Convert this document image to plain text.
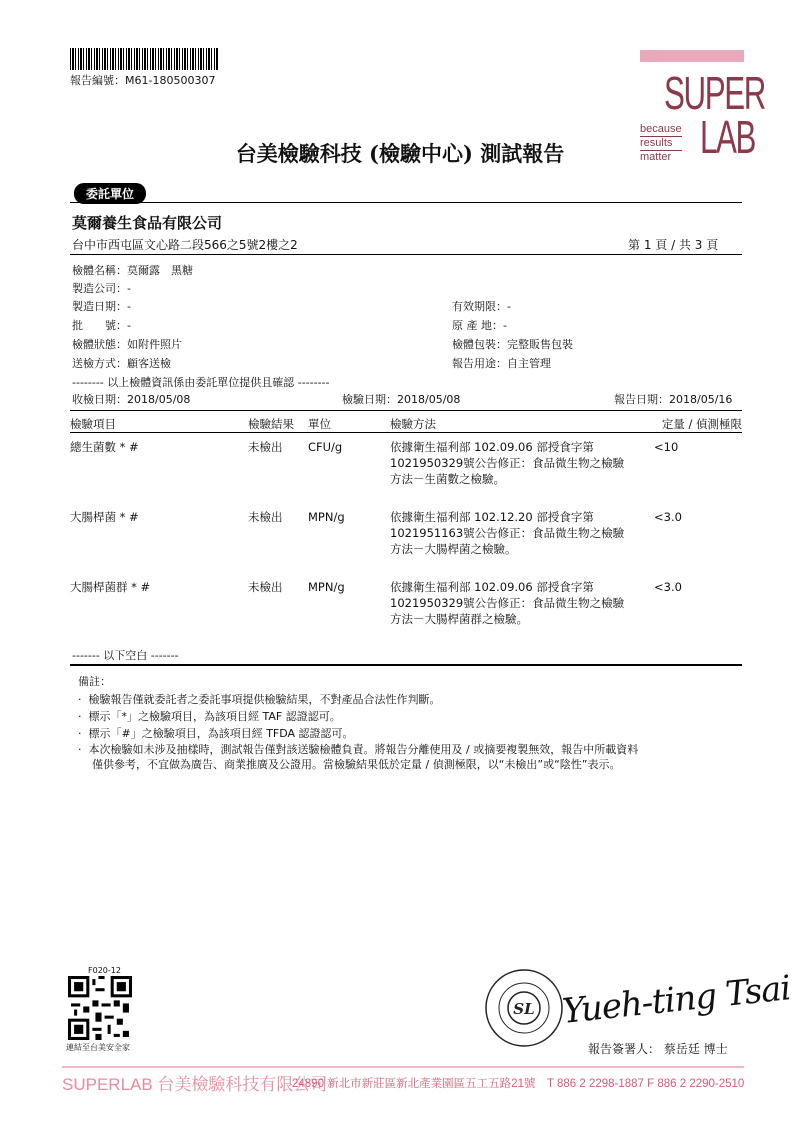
報告編號：M61-180500307	SUPER
because
results
matter LAB
台美檢驗科技 (檢驗中心) 測試報告
委託單位
莫爾養生食品有限公司
台中市西屯區文心路二段566之5號2樓之2	第 1 頁 / 共 3 頁
檢體名稱：莫爾露　黑糖
製造公司：-
製造日期：-	有效期限：-
批　　號：-	原 產 地：-
檢體狀態：如附件照片	檢體包裝：完整販售包裝
送檢方式：顧客送檢	報告用途：自主管理
-------- 以上檢體資訊係由委託單位提供且確認 --------
收檢日期：2018/05/08	檢驗日期：2018/05/08	報告日期：2018/05/16
檢驗項目	檢驗結果	單位	檢驗方法	定量 / 偵測極限

總生菌數 * #	未檢出	CFU/g	依據衛生福利部 102.09.06 部授食字第
1021950329號公告修正：食品微生物之檢驗
方法－生菌數之檢驗。	<10

大腸桿菌 * #	未檢出	MPN/g	依據衛生福利部 102.12.20 部授食字第
1021951163號公告修正：食品微生物之檢驗
方法－大腸桿菌之檢驗。	<3.0

大腸桿菌群 * #	未檢出	MPN/g	依據衛生福利部 102.09.06 部授食字第
1021950329號公告修正：食品微生物之檢驗
方法－大腸桿菌群之檢驗。	<3.0
------- 以下空白 -------
備註：
·  檢驗報告僅就委託者之委託事項提供檢驗結果，不對產品合法性作判斷。
·  標示「*」之檢驗項目，為該項目經 TAF 認證認可。
·  標示「#」之檢驗項目，為該項目經 TFDA 認證認可。
·  本次檢驗如未涉及抽樣時，測試報告僅對該送驗檢體負責。將報告分離使用及 / 或摘要複製無效，報告中所載資料
僅供參考，不宜做為廣告、商業推廣及公證用。當檢驗結果低於定量 / 偵測極限，以“未檢出”或“陰性”表示。
F020-12
連結至台美安全家
SL Yueh-ting Tsai
報告簽署人： 蔡岳廷 博士
SUPERLAB 台美檢驗科技有限公司
24890 新北市新莊區新北產業園區五工五路21號　T 886 2 2298-1887 F 886 2 2290-2510
